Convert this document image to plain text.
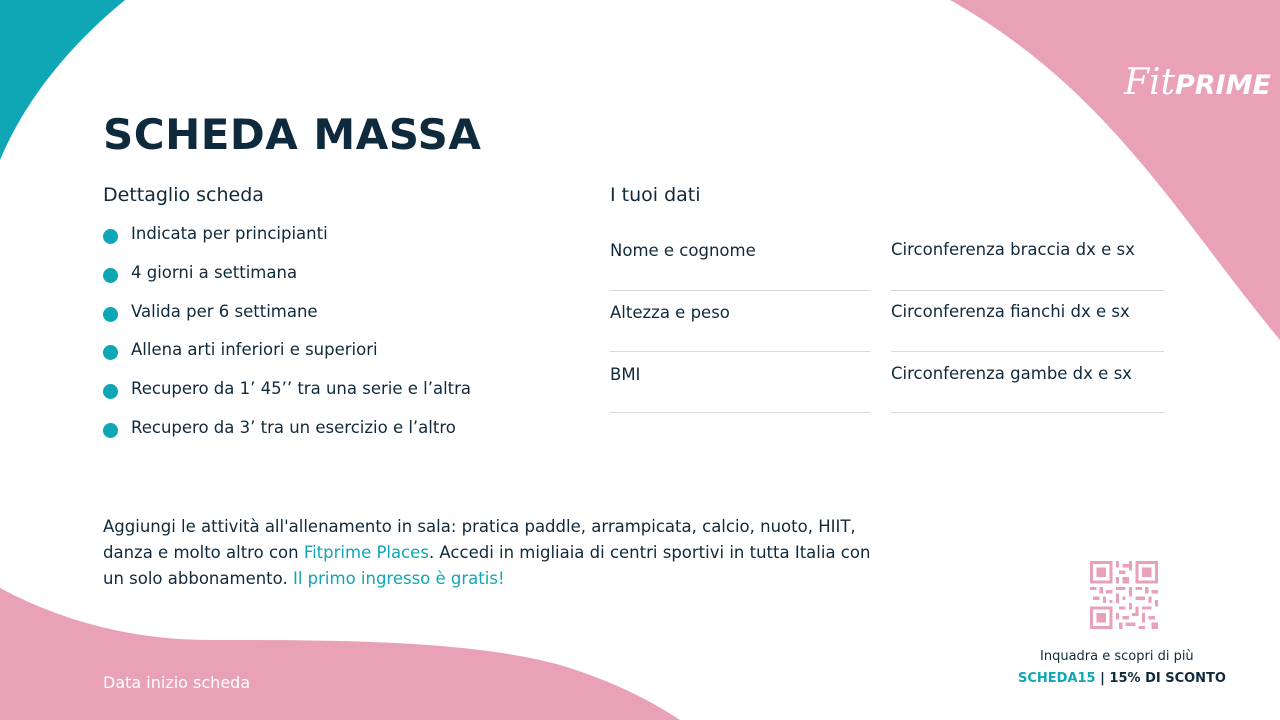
FitPRIME
SCHEDA MASSA
Dettaglio scheda
Indicata per principianti
4 giorni a settimana
Valida per 6 settimane
Allena arti inferiori e superiori
Recupero da 1’ 45’’ tra una serie e l’altra
Recupero da 3’ tra un esercizio e l’altro
I tuoi dati
Nome e cognome
Altezza e peso
BMI
Circonferenza braccia dx e sx
Circonferenza fianchi dx e sx
Circonferenza gambe dx e sx

Aggiungi le attività all'allenamento in sala: pratica paddle, arrampicata, calcio, nuoto, HIIT, danza e molto altro con Fitprime Places. Accedi in migliaia di centri sportivi in tutta Italia con un solo abbonamento. Il primo ingresso è gratis!

Inquadra e scopri di più
SCHEDA15 | 15% DI SCONTO
Data inizio scheda
